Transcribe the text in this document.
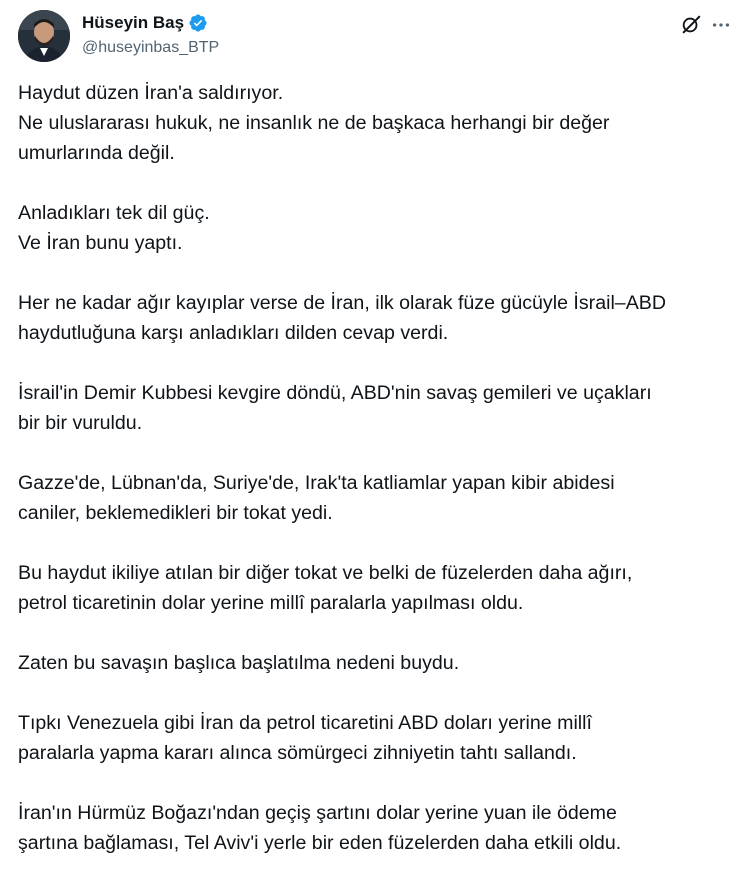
Hüseyin Baş
@huseyinbas_BTP

Haydut düzen İran'a saldırıyor.
Ne uluslararası hukuk, ne insanlık ne de başkaca herhangi bir değer
umurlarında değil.

Anladıkları tek dil güç.
Ve İran bunu yaptı.

Her ne kadar ağır kayıplar verse de İran, ilk olarak füze gücüyle İsrail–ABD
haydutluğuna karşı anladıkları dilden cevap verdi.

İsrail'in Demir Kubbesi kevgire döndü, ABD'nin savaş gemileri ve uçakları
bir bir vuruldu.

Gazze'de, Lübnan'da, Suriye'de, Irak'ta katliamlar yapan kibir abidesi
caniler, beklemedikleri bir tokat yedi.

Bu haydut ikiliye atılan bir diğer tokat ve belki de füzelerden daha ağırı,
petrol ticaretinin dolar yerine millî paralarla yapılması oldu.

Zaten bu savaşın başlıca başlatılma nedeni buydu.

Tıpkı Venezuela gibi İran da petrol ticaretini ABD doları yerine millî
paralarla yapma kararı alınca sömürgeci zihniyetin tahtı sallandı.

İran'ın Hürmüz Boğazı'ndan geçiş şartını dolar yerine yuan ile ödeme
şartına bağlaması, Tel Aviv'i yerle bir eden füzelerden daha etkili oldu.
